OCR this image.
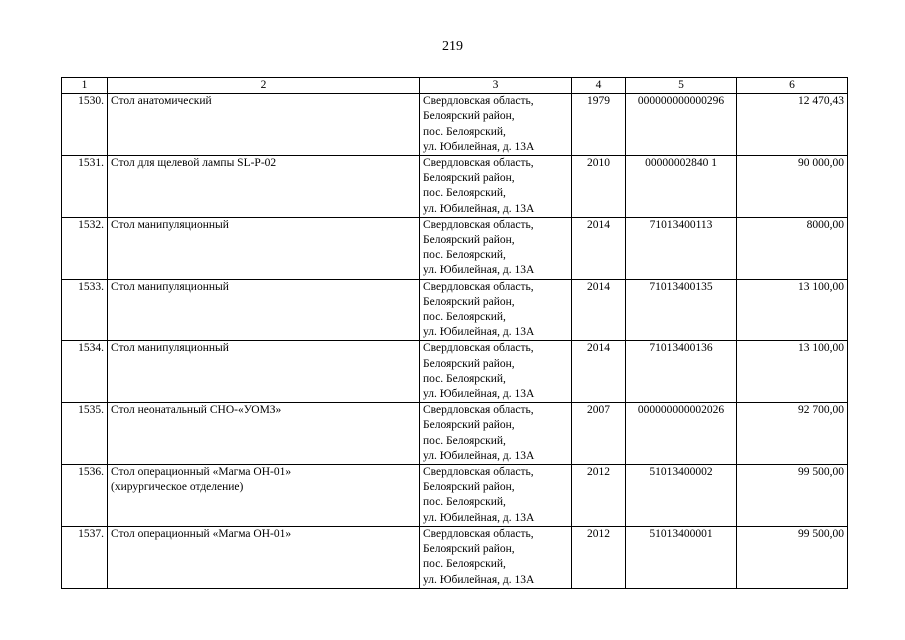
219
1	2	3	4	5	6
1530.	Стол анатомический	Свердловская область,
Белоярский район,
пос. Белоярский,
ул. Юбилейная, д. 13А	1979	000000000000296	12 470,43
1531.	Стол для щелевой лампы SL-P-02	Свердловская область,
Белоярский район,
пос. Белоярский,
ул. Юбилейная, д. 13А	2010	00000002840 1	90 000,00
1532.	Стол манипуляционный	Свердловская область,
Белоярский район,
пос. Белоярский,
ул. Юбилейная, д. 13А	2014	71013400113	8000,00
1533.	Стол манипуляционный	Свердловская область,
Белоярский район,
пос. Белоярский,
ул. Юбилейная, д. 13А	2014	71013400135	13 100,00
1534.	Стол манипуляционный	Свердловская область,
Белоярский район,
пос. Белоярский,
ул. Юбилейная, д. 13А	2014	71013400136	13 100,00
1535.	Стол неонатальный СНО-«УОМЗ»	Свердловская область,
Белоярский район,
пос. Белоярский,
ул. Юбилейная, д. 13А	2007	000000000002026	92 700,00
1536.	Стол операционный «Магма ОН-01»
(хирургическое отделение)	Свердловская область,
Белоярский район,
пос. Белоярский,
ул. Юбилейная, д. 13А	2012	51013400002	99 500,00
1537.	Стол операционный «Магма ОН-01»	Свердловская область,
Белоярский район,
пос. Белоярский,
ул. Юбилейная, д. 13А	2012	51013400001	99 500,00
